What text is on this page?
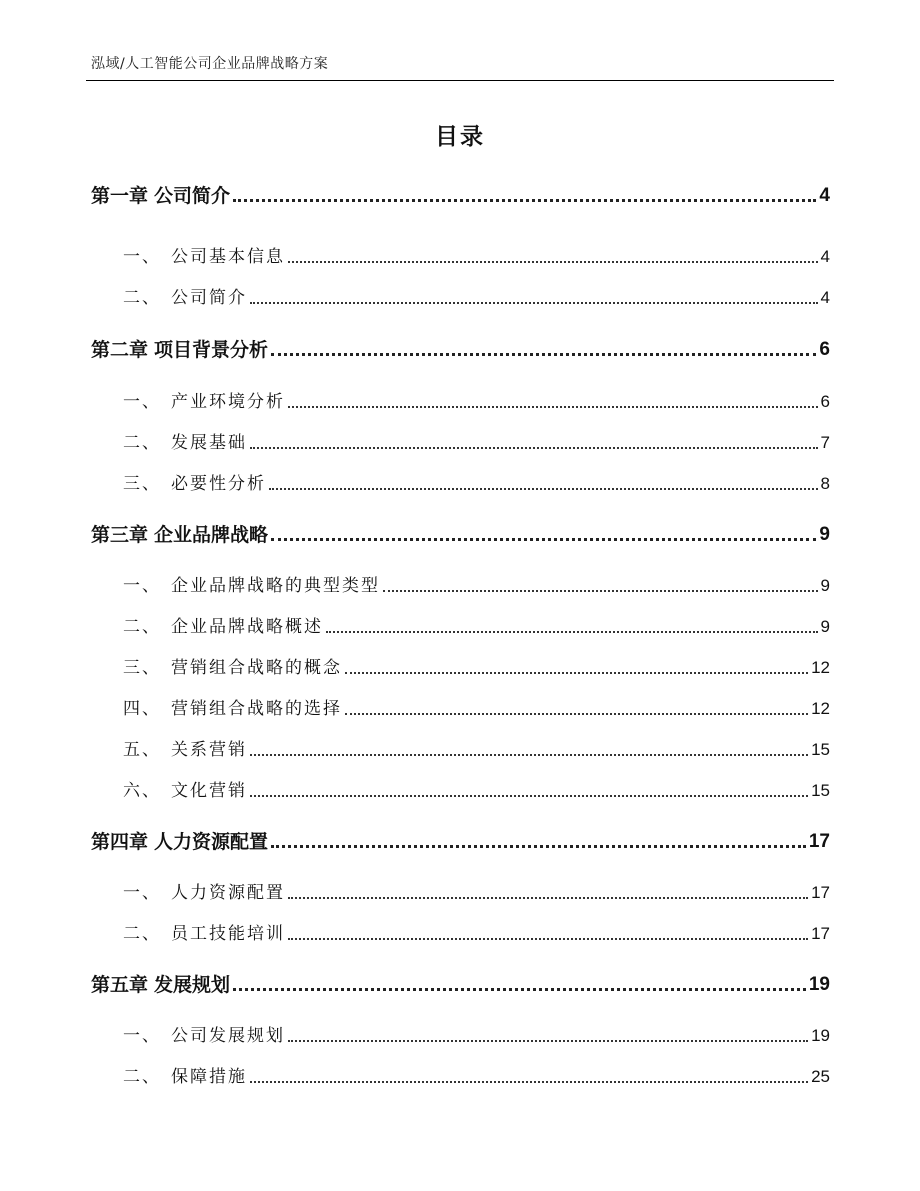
泓域/人工智能公司企业品牌战略方案
目录
第一章 公司简介	4
一、 公司基本信息	4
二、 公司简介	4
第二章 项目背景分析	6
一、 产业环境分析	6
二、 发展基础	7
三、 必要性分析	8
第三章 企业品牌战略	9
一、 企业品牌战略的典型类型	9
二、 企业品牌战略概述	9
三、 营销组合战略的概念	12
四、 营销组合战略的选择	12
五、 关系营销	15
六、 文化营销	15
第四章 人力资源配置	17
一、 人力资源配置	17
二、 员工技能培训	17
第五章 发展规划	19
一、 公司发展规划	19
二、 保障措施	25
